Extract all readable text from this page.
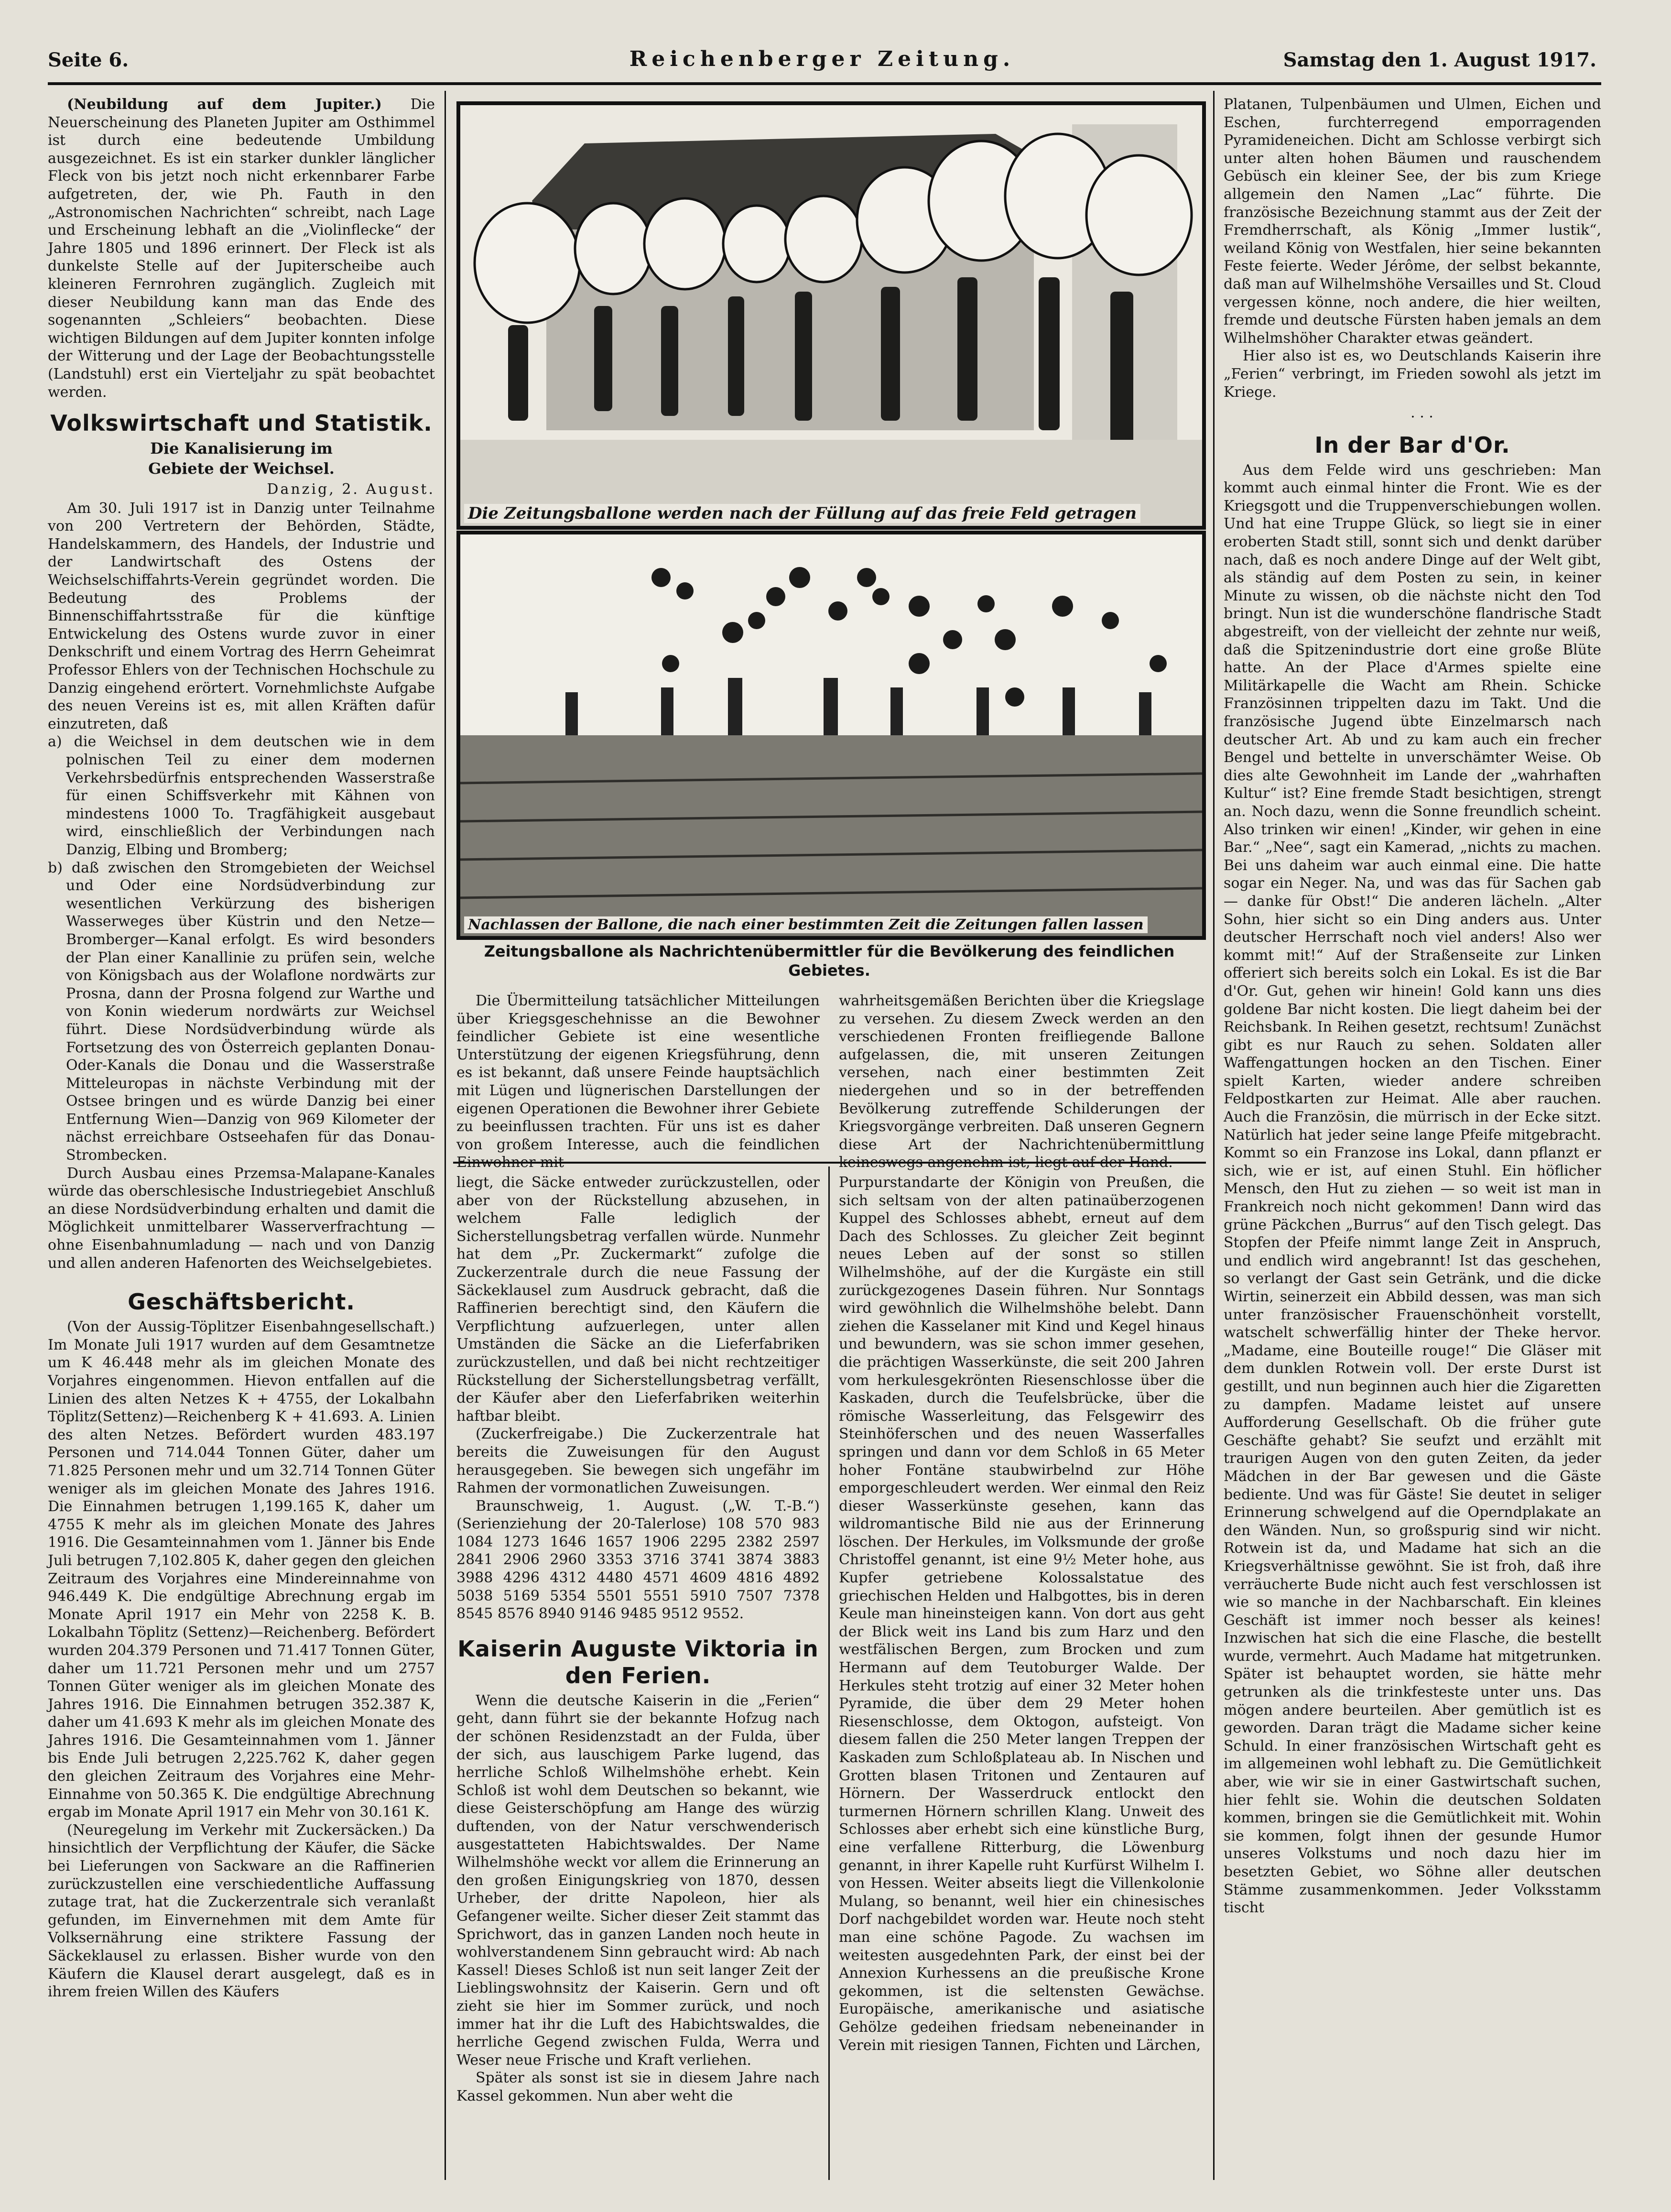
Seite 6.	Reichenberger Zeitung.	Samstag den 1. August 1917.

(Neubildung auf dem Jupiter.) Die Neuerscheinung des Planeten Jupiter am Osthimmel ist durch eine bedeutende Umbildung ausgezeichnet. Es ist ein starker dunkler länglicher Fleck von bis jetzt noch nicht erkennbarer Farbe aufgetreten, der, wie Ph. Fauth in den „Astronomischen Nachrichten“ schreibt, nach Lage und Erscheinung lebhaft an die „Violinflecke“ der Jahre 1805 und 1896 erinnert. Der Fleck ist als dunkelste Stelle auf der Jupiterscheibe auch kleineren Fernrohren zugänglich. Zugleich mit dieser Neubildung kann man das Ende des sogenannten „Schleiers“ beobachten. Diese wichtigen Bildungen auf dem Jupiter konnten infolge der Witterung und der Lage der Beobachtungsstelle (Landstuhl) erst ein Vierteljahr zu spät beobachtet werden.

Volkswirtschaft und Statistik.
Die Kanalisierung im
Gebiete der Weichsel.

Danzig, 2. August.

Am 30. Juli 1917 ist in Danzig unter Teilnahme von 200 Vertretern der Behörden, Städte, Handelskammern, des Handels, der Industrie und der Landwirtschaft des Ostens der Weichselschiffahrts-Verein gegründet worden. Die Bedeutung des Problems der Binnenschiffahrtsstraße für die künftige Entwickelung des Ostens wurde zuvor in einer Denkschrift und einem Vortrag des Herrn Geheimrat Professor Ehlers von der Technischen Hochschule zu Danzig eingehend erörtert. Vornehmlichste Aufgabe des neuen Vereins ist es, mit allen Kräften dafür einzutreten, daß

a) die Weichsel in dem deutschen wie in dem polnischen Teil zu einer dem modernen Verkehrsbedürfnis entsprechenden Wasserstraße für einen Schiffsverkehr mit Kähnen von mindestens 1000 To. Tragfähigkeit ausgebaut wird, einschließlich der Verbindungen nach Danzig, Elbing und Bromberg;

b) daß zwischen den Stromgebieten der Weichsel und Oder eine Nordsüdverbindung zur wesentlichen Verkürzung des bisherigen Wasserweges über Küstrin und den Netze—Bromberger—Kanal erfolgt. Es wird besonders der Plan einer Kanallinie zu prüfen sein, welche von Königsbach aus der Wolaflone nordwärts zur Prosna, dann der Prosna folgend zur Warthe und von Konin wiederum nordwärts zur Weichsel führt. Diese Nordsüdverbindung würde als Fortsetzung des von Österreich geplanten Donau-Oder-Kanals die Donau und die Wasserstraße Mitteleuropas in nächste Verbindung mit der Ostsee bringen und es würde Danzig bei einer Entfernung Wien—Danzig von 969 Kilometer der nächst erreichbare Ostseehafen für das Donau-Strombecken.

Durch Ausbau eines Przemsa-Malapane-Kanales würde das oberschlesische Industriegebiet Anschluß an diese Nordsüdverbindung erhalten und damit die Möglichkeit unmittelbarer Wasserverfrachtung — ohne Eisenbahnumladung — nach und von Danzig und allen anderen Hafenorten des Weichselgebietes.

Geschäftsbericht.

(Von der Aussig-Töplitzer Eisenbahngesellschaft.) Im Monate Juli 1917 wurden auf dem Gesamtnetze um K 46.448 mehr als im gleichen Monate des Vorjahres eingenommen. Hievon entfallen auf die Linien des alten Netzes K + 4755, der Lokalbahn Töplitz(Settenz)—Reichenberg K + 41.693. A. Linien des alten Netzes. Befördert wurden 483.197 Personen und 714.044 Tonnen Güter, daher um 71.825 Personen mehr und um 32.714 Tonnen Güter weniger als im gleichen Monate des Jahres 1916. Die Einnahmen betrugen 1,199.165 K, daher um 4755 K mehr als im gleichen Monate des Jahres 1916. Die Gesamteinnahmen vom 1. Jänner bis Ende Juli betrugen 7,102.805 K, daher gegen den gleichen Zeitraum des Vorjahres eine Mindereinnahme von 946.449 K. Die endgültige Abrechnung ergab im Monate April 1917 ein Mehr von 2258 K. B. Lokalbahn Töplitz (Settenz)—Reichenberg. Befördert wurden 204.379 Personen und 71.417 Tonnen Güter, daher um 11.721 Personen mehr und um 2757 Tonnen Güter weniger als im gleichen Monate des Jahres 1916. Die Einnahmen betrugen 352.387 K, daher um 41.693 K mehr als im gleichen Monate des Jahres 1916. Die Gesamteinnahmen vom 1. Jänner bis Ende Juli betrugen 2,225.762 K, daher gegen den gleichen Zeitraum des Vorjahres eine Mehr-Einnahme von 50.365 K. Die endgültige Abrechnung ergab im Monate April 1917 ein Mehr von 30.161 K.

(Neuregelung im Verkehr mit Zuckersäcken.) Da hinsichtlich der Verpflichtung der Käufer, die Säcke bei Lieferungen von Sackware an die Raffinerien zurückzustellen eine verschiedentliche Auffassung zutage trat, hat die Zuckerzentrale sich veranlaßt gefunden, im Einvernehmen mit dem Amte für Volksernährung eine striktere Fassung der Säckeklausel zu erlassen. Bisher wurde von den Käufern die Klausel derart ausgelegt, daß es in ihrem freien Willen des Käufers

Die Zeitungsballone werden nach der Füllung auf das freie Feld getragen
Nachlassen der Ballone, die nach einer bestimmten Zeit die Zeitungen fallen lassen
Zeitungsballone als Nachrichtenübermittler für die Bevölkerung des feindlichen Gebietes.

Die Übermitteilung tatsächlicher Mitteilungen über Kriegsgeschehnisse an die Bewohner feindlicher Gebiete ist eine wesentliche Unterstützung der eigenen Kriegsführung, denn es ist bekannt, daß unsere Feinde hauptsächlich mit Lügen und lügnerischen Darstellungen der eigenen Operationen die Bewohner ihrer Gebiete zu beeinflussen trachten. Für uns ist es daher von großem Interesse, auch die feindlichen Einwohner mit

wahrheitsgemäßen Berichten über die Kriegslage zu versehen. Zu diesem Zweck werden an den verschiedenen Fronten freifliegende Ballone aufgelassen, die, mit unseren Zeitungen versehen, nach einer bestimmten Zeit niedergehen und so in der betreffenden Bevölkerung zutreffende Schilderungen der Kriegsvorgänge verbreiten. Daß unseren Gegnern diese Art der Nachrichtenübermittlung keineswegs angenehm ist, liegt auf der Hand.

liegt, die Säcke entweder zurückzustellen, oder aber von der Rückstellung abzusehen, in welchem Falle lediglich der Sicherstellungsbetrag verfallen würde. Nunmehr hat dem „Pr. Zuckermarkt“ zufolge die Zuckerzentrale durch die neue Fassung der Säckeklausel zum Ausdruck gebracht, daß die Raffinerien berechtigt sind, den Käufern die Verpflichtung aufzuerlegen, unter allen Umständen die Säcke an die Lieferfabriken zurückzustellen, und daß bei nicht rechtzeitiger Rückstellung der Sicherstellungsbetrag verfällt, der Käufer aber den Lieferfabriken weiterhin haftbar bleibt.

(Zuckerfreigabe.) Die Zuckerzentrale hat bereits die Zuweisungen für den August herausgegeben. Sie bewegen sich ungefähr im Rahmen der vormonatlichen Zuweisungen.

Braunschweig, 1. August. („W. T.-B.“) (Serienziehung der 20-Talerlose) 108 570 983 1084 1273 1646 1657 1906 2295 2382 2597 2841 2906 2960 3353 3716 3741 3874 3883 3988 4296 4312 4480 4571 4609 4816 4892 5038 5169 5354 5501 5551 5910 7507 7378 8545 8576 8940 9146 9485 9512 9552.

Kaiserin Auguste Viktoria in den Ferien.

Wenn die deutsche Kaiserin in die „Ferien“ geht, dann führt sie der bekannte Hofzug nach der schönen Residenzstadt an der Fulda, über der sich, aus lauschigem Parke lugend, das herrliche Schloß Wilhelmshöhe erhebt. Kein Schloß ist wohl dem Deutschen so bekannt, wie diese Geisterschöpfung am Hange des würzig duftenden, von der Natur verschwenderisch ausgestatteten Habichtswaldes. Der Name Wilhelmshöhe weckt vor allem die Erinnerung an den großen Einigungskrieg von 1870, dessen Urheber, der dritte Napoleon, hier als Gefangener weilte. Sicher dieser Zeit stammt das Sprichwort, das in ganzen Landen noch heute in wohlverstandenem Sinn gebraucht wird: Ab nach Kassel! Dieses Schloß ist nun seit langer Zeit der Lieblingswohnsitz der Kaiserin. Gern und oft zieht sie hier im Sommer zurück, und noch immer hat ihr die Luft des Habichtswaldes, die herrliche Gegend zwischen Fulda, Werra und Weser neue Frische und Kraft verliehen.

Später als sonst ist sie in diesem Jahre nach Kassel gekommen. Nun aber weht die

Purpurstandarte der Königin von Preußen, die sich seltsam von der alten patinaüberzogenen Kuppel des Schlosses abhebt, erneut auf dem Dach des Schlosses. Zu gleicher Zeit beginnt neues Leben auf der sonst so stillen Wilhelmshöhe, auf der die Kurgäste ein still zurückgezogenes Dasein führen. Nur Sonntags wird gewöhnlich die Wilhelmshöhe belebt. Dann ziehen die Kasselaner mit Kind und Kegel hinaus und bewundern, was sie schon immer gesehen, die prächtigen Wasserkünste, die seit 200 Jahren vom herkulesgekrönten Riesenschlosse über die Kaskaden, durch die Teufelsbrücke, über die römische Wasserleitung, das Felsgewirr des Steinhöferschen und des neuen Wasserfalles springen und dann vor dem Schloß in 65 Meter hoher Fontäne staubwirbelnd zur Höhe emporgeschleudert werden. Wer einmal den Reiz dieser Wasserkünste gesehen, kann das wildromantische Bild nie aus der Erinnerung löschen. Der Herkules, im Volksmunde der große Christoffel genannt, ist eine 9½ Meter hohe, aus Kupfer getriebene Kolossalstatue des griechischen Helden und Halbgottes, bis in deren Keule man hineinsteigen kann. Von dort aus geht der Blick weit ins Land bis zum Harz und den westfälischen Bergen, zum Brocken und zum Hermann auf dem Teutoburger Walde. Der Herkules steht trotzig auf einer 32 Meter hohen Pyramide, die über dem 29 Meter hohen Riesenschlosse, dem Oktogon, aufsteigt. Von diesem fallen die 250 Meter langen Treppen der Kaskaden zum Schloßplateau ab. In Nischen und Grotten blasen Tritonen und Zentauren auf Hörnern. Der Wasserdruck entlockt den turmernen Hörnern schrillen Klang. Unweit des Schlosses aber erhebt sich eine künstliche Burg, eine verfallene Ritterburg, die Löwenburg genannt, in ihrer Kapelle ruht Kurfürst Wilhelm I. von Hessen. Weiter abseits liegt die Villenkolonie Mulang, so benannt, weil hier ein chinesisches Dorf nachgebildet worden war. Heute noch steht man eine schöne Pagode. Zu wachsen im weitesten ausgedehnten Park, der einst bei der Annexion Kurhessens an die preußische Krone gekommen, ist die seltensten Gewächse. Europäische, amerikanische und asiatische Gehölze gedeihen friedsam nebeneinander in Verein mit riesigen Tannen, Fichten und Lärchen,

Platanen, Tulpenbäumen und Ulmen, Eichen und Eschen, furchterregend emporragenden Pyramideneichen. Dicht am Schlosse verbirgt sich unter alten hohen Bäumen und rauschendem Gebüsch ein kleiner See, der bis zum Kriege allgemein den Namen „Lac“ führte. Die französische Bezeichnung stammt aus der Zeit der Fremdherrschaft, als König „Immer lustik“, weiland König von Westfalen, hier seine bekannten Feste feierte. Weder Jérôme, der selbst bekannte, daß man auf Wilhelmshöhe Versailles und St. Cloud vergessen könne, noch andere, die hier weilten, fremde und deutsche Fürsten haben jemals an dem Wilhelmshöher Charakter etwas geändert.

Hier also ist es, wo Deutschlands Kaiserin ihre „Ferien“ verbringt, im Frieden sowohl als jetzt im Kriege.

. . .

In der Bar d'Or.

Aus dem Felde wird uns geschrieben: Man kommt auch einmal hinter die Front. Wie es der Kriegsgott und die Truppenverschiebungen wollen. Und hat eine Truppe Glück, so liegt sie in einer eroberten Stadt still, sonnt sich und denkt darüber nach, daß es noch andere Dinge auf der Welt gibt, als ständig auf dem Posten zu sein, in keiner Minute zu wissen, ob die nächste nicht den Tod bringt. Nun ist die wunderschöne flandrische Stadt abgestreift, von der vielleicht der zehnte nur weiß, daß die Spitzenindustrie dort eine große Blüte hatte. An der Place d'Armes spielte eine Militärkapelle die Wacht am Rhein. Schicke Französinnen trippelten dazu im Takt. Und die französische Jugend übte Einzelmarsch nach deutscher Art. Ab und zu kam auch ein frecher Bengel und bettelte in unverschämter Weise. Ob dies alte Gewohnheit im Lande der „wahrhaften Kultur“ ist? Eine fremde Stadt besichtigen, strengt an. Noch dazu, wenn die Sonne freundlich scheint. Also trinken wir einen! „Kinder, wir gehen in eine Bar.“ „Nee“, sagt ein Kamerad, „nichts zu machen. Bei uns daheim war auch einmal eine. Die hatte sogar ein Neger. Na, und was das für Sachen gab — danke für Obst!“ Die anderen lächeln. „Alter Sohn, hier sicht so ein Ding anders aus. Unter deutscher Herrschaft noch viel anders! Also wer kommt mit!“ Auf der Straßenseite zur Linken offeriert sich bereits solch ein Lokal. Es ist die Bar d'Or. Gut, gehen wir hinein! Gold kann uns dies goldene Bar nicht kosten. Die liegt daheim bei der Reichsbank. In Reihen gesetzt, rechtsum! Zunächst gibt es nur Rauch zu sehen. Soldaten aller Waffengattungen hocken an den Tischen. Einer spielt Karten, wieder andere schreiben Feldpostkarten zur Heimat. Alle aber rauchen. Auch die Französin, die mürrisch in der Ecke sitzt. Natürlich hat jeder seine lange Pfeife mitgebracht. Kommt so ein Franzose ins Lokal, dann pflanzt er sich, wie er ist, auf einen Stuhl. Ein höflicher Mensch, den Hut zu ziehen — so weit ist man in Frankreich noch nicht gekommen! Dann wird das grüne Päckchen „Burrus“ auf den Tisch gelegt. Das Stopfen der Pfeife nimmt lange Zeit in Anspruch, und endlich wird angebrannt! Ist das geschehen, so verlangt der Gast sein Getränk, und die dicke Wirtin, seinerzeit ein Abbild dessen, was man sich unter französischer Frauenschönheit vorstellt, watschelt schwerfällig hinter der Theke hervor. „Madame, eine Bouteille rouge!“ Die Gläser mit dem dunklen Rotwein voll. Der erste Durst ist gestillt, und nun beginnen auch hier die Zigaretten zu dampfen. Madame leistet auf unsere Aufforderung Gesellschaft. Ob die früher gute Geschäfte gehabt? Sie seufzt und erzählt mit traurigen Augen von den guten Zeiten, da jeder Mädchen in der Bar gewesen und die Gäste bediente. Und was für Gäste! Sie deutet in seliger Erinnerung schwelgend auf die Operndplakate an den Wänden. Nun, so großspurig sind wir nicht. Rotwein ist da, und Madame hat sich an die Kriegsverhältnisse gewöhnt. Sie ist froh, daß ihre verräucherte Bude nicht auch fest verschlossen ist wie so manche in der Nachbarschaft. Ein kleines Geschäft ist immer noch besser als keines! Inzwischen hat sich die eine Flasche, die bestellt wurde, vermehrt. Auch Madame hat mitgetrunken. Später ist behauptet worden, sie hätte mehr getrunken als die trinkfesteste unter uns. Das mögen andere beurteilen. Aber gemütlich ist es geworden. Daran trägt die Madame sicher keine Schuld. In einer französischen Wirtschaft geht es im allgemeinen wohl lebhaft zu. Die Gemütlichkeit aber, wie wir sie in einer Gastwirtschaft suchen, hier fehlt sie. Wohin die deutschen Soldaten kommen, bringen sie die Gemütlichkeit mit. Wohin sie kommen, folgt ihnen der gesunde Humor unseres Volkstums und noch dazu hier im besetzten Gebiet, wo Söhne aller deutschen Stämme zusammenkommen. Jeder Volksstamm tischt
